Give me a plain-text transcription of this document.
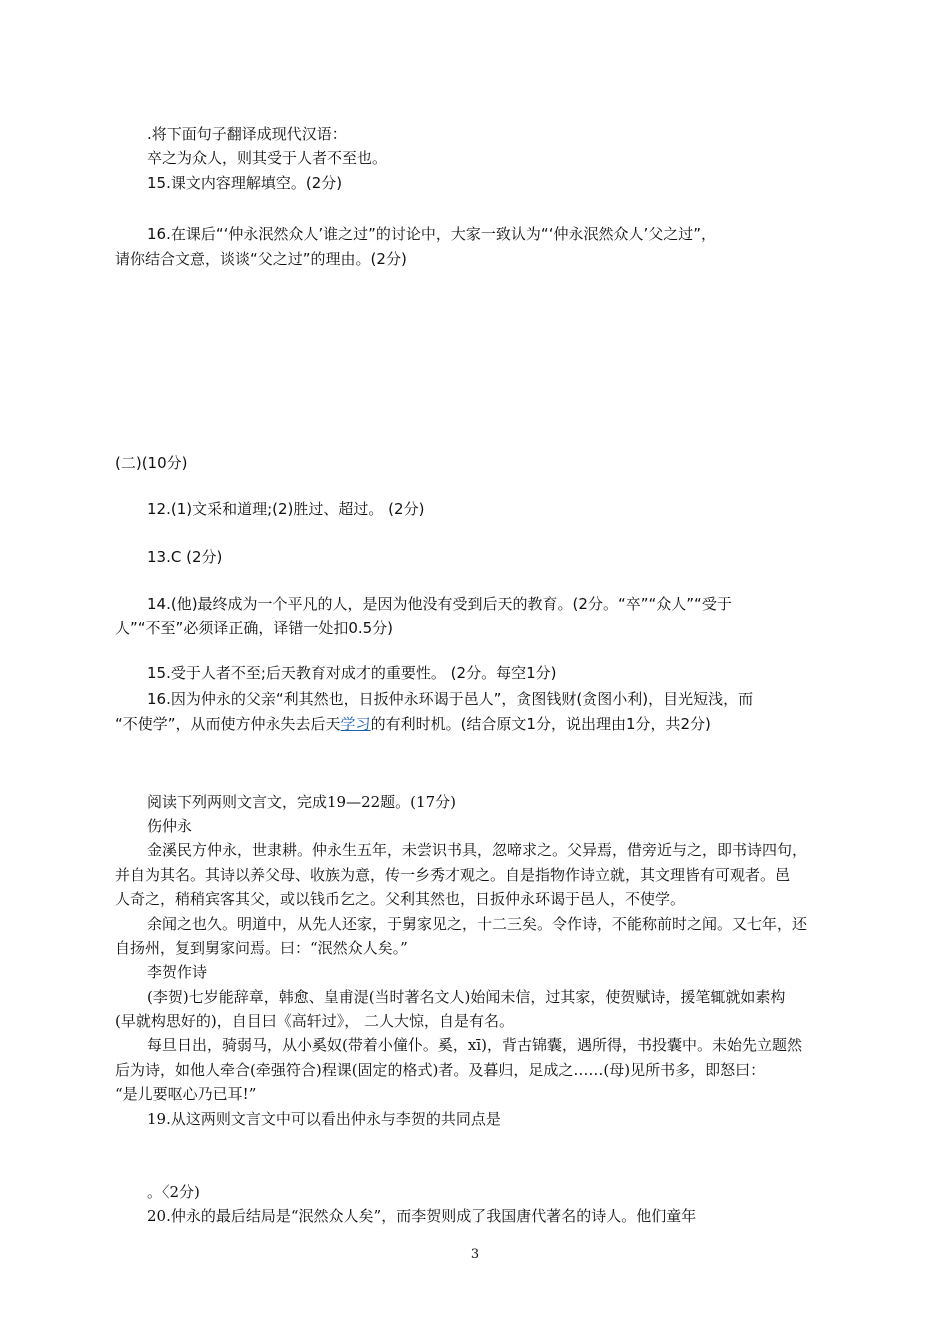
.将下面句子翻译成现代汉语：
卒之为众人，则其受于人者不至也。
15.课文内容理解填空。(2分)
16.在课后“‘仲永泯然众人’谁之过”的讨论中，大家一致认为“‘仲永泯然众人’父之过”，
请你结合文意，谈谈“父之过”的理由。(2分)
(二)(10分)
12.(1)文采和道理;(2)胜过、超过。 (2分)
13.C (2分)
14.(他)最终成为一个平凡的人，是因为他没有受到后天的教育。(2分。“卒”“众人”“受于
人”“不至”必须译正确，译错一处扣0.5分)
15.受于人者不至;后天教育对成才的重要性。 (2分。每空1分)
16.因为仲永的父亲“利其然也，日扳仲永环谒于邑人”，贪图钱财(贪图小利)，目光短浅，而
“不使学”，从而使方仲永失去后天学习的有利时机。(结合原文1分，说出理由1分，共2分)
阅读下列两则文言文，完成19—22题。(17分)
伤仲永
金溪民方仲永，世隶耕。仲永生五年，未尝识书具，忽啼求之。父异焉，借旁近与之，即书诗四句，
并自为其名。其诗以养父母、收族为意，传一乡秀才观之。自是指物作诗立就，其文理皆有可观者。邑
人奇之，稍稍宾客其父，或以钱币乞之。父利其然也，日扳仲永环谒于邑人，不使学。
余闻之也久。明道中，从先人还家，于舅家见之，十二三矣。令作诗，不能称前时之闻。又七年，还
自扬州，复到舅家问焉。曰：“泯然众人矣。”
李贺作诗
(李贺)七岁能辞章，韩愈、皇甫湜(当时著名文人)始闻未信，过其家，使贺赋诗，援笔辄就如素构
(早就构思好的)，自目曰《高轩过》， 二人大惊，自是有名。
每旦日出，骑弱马，从小奚奴(带着小僮仆。奚，xī)，背古锦囊，遇所得，书投囊中。未始先立题然
后为诗，如他人牵合(牵强符合)程课(固定的格式)者。及暮归，足成之……(母)见所书多，即怒曰：
“是儿要呕心乃已耳!”
19.从这两则文言文中可以看出仲永与李贺的共同点是
。〈2分)
20.仲永的最后结局是“泯然众人矣”，而李贺则成了我国唐代著名的诗人。他们童年
3
